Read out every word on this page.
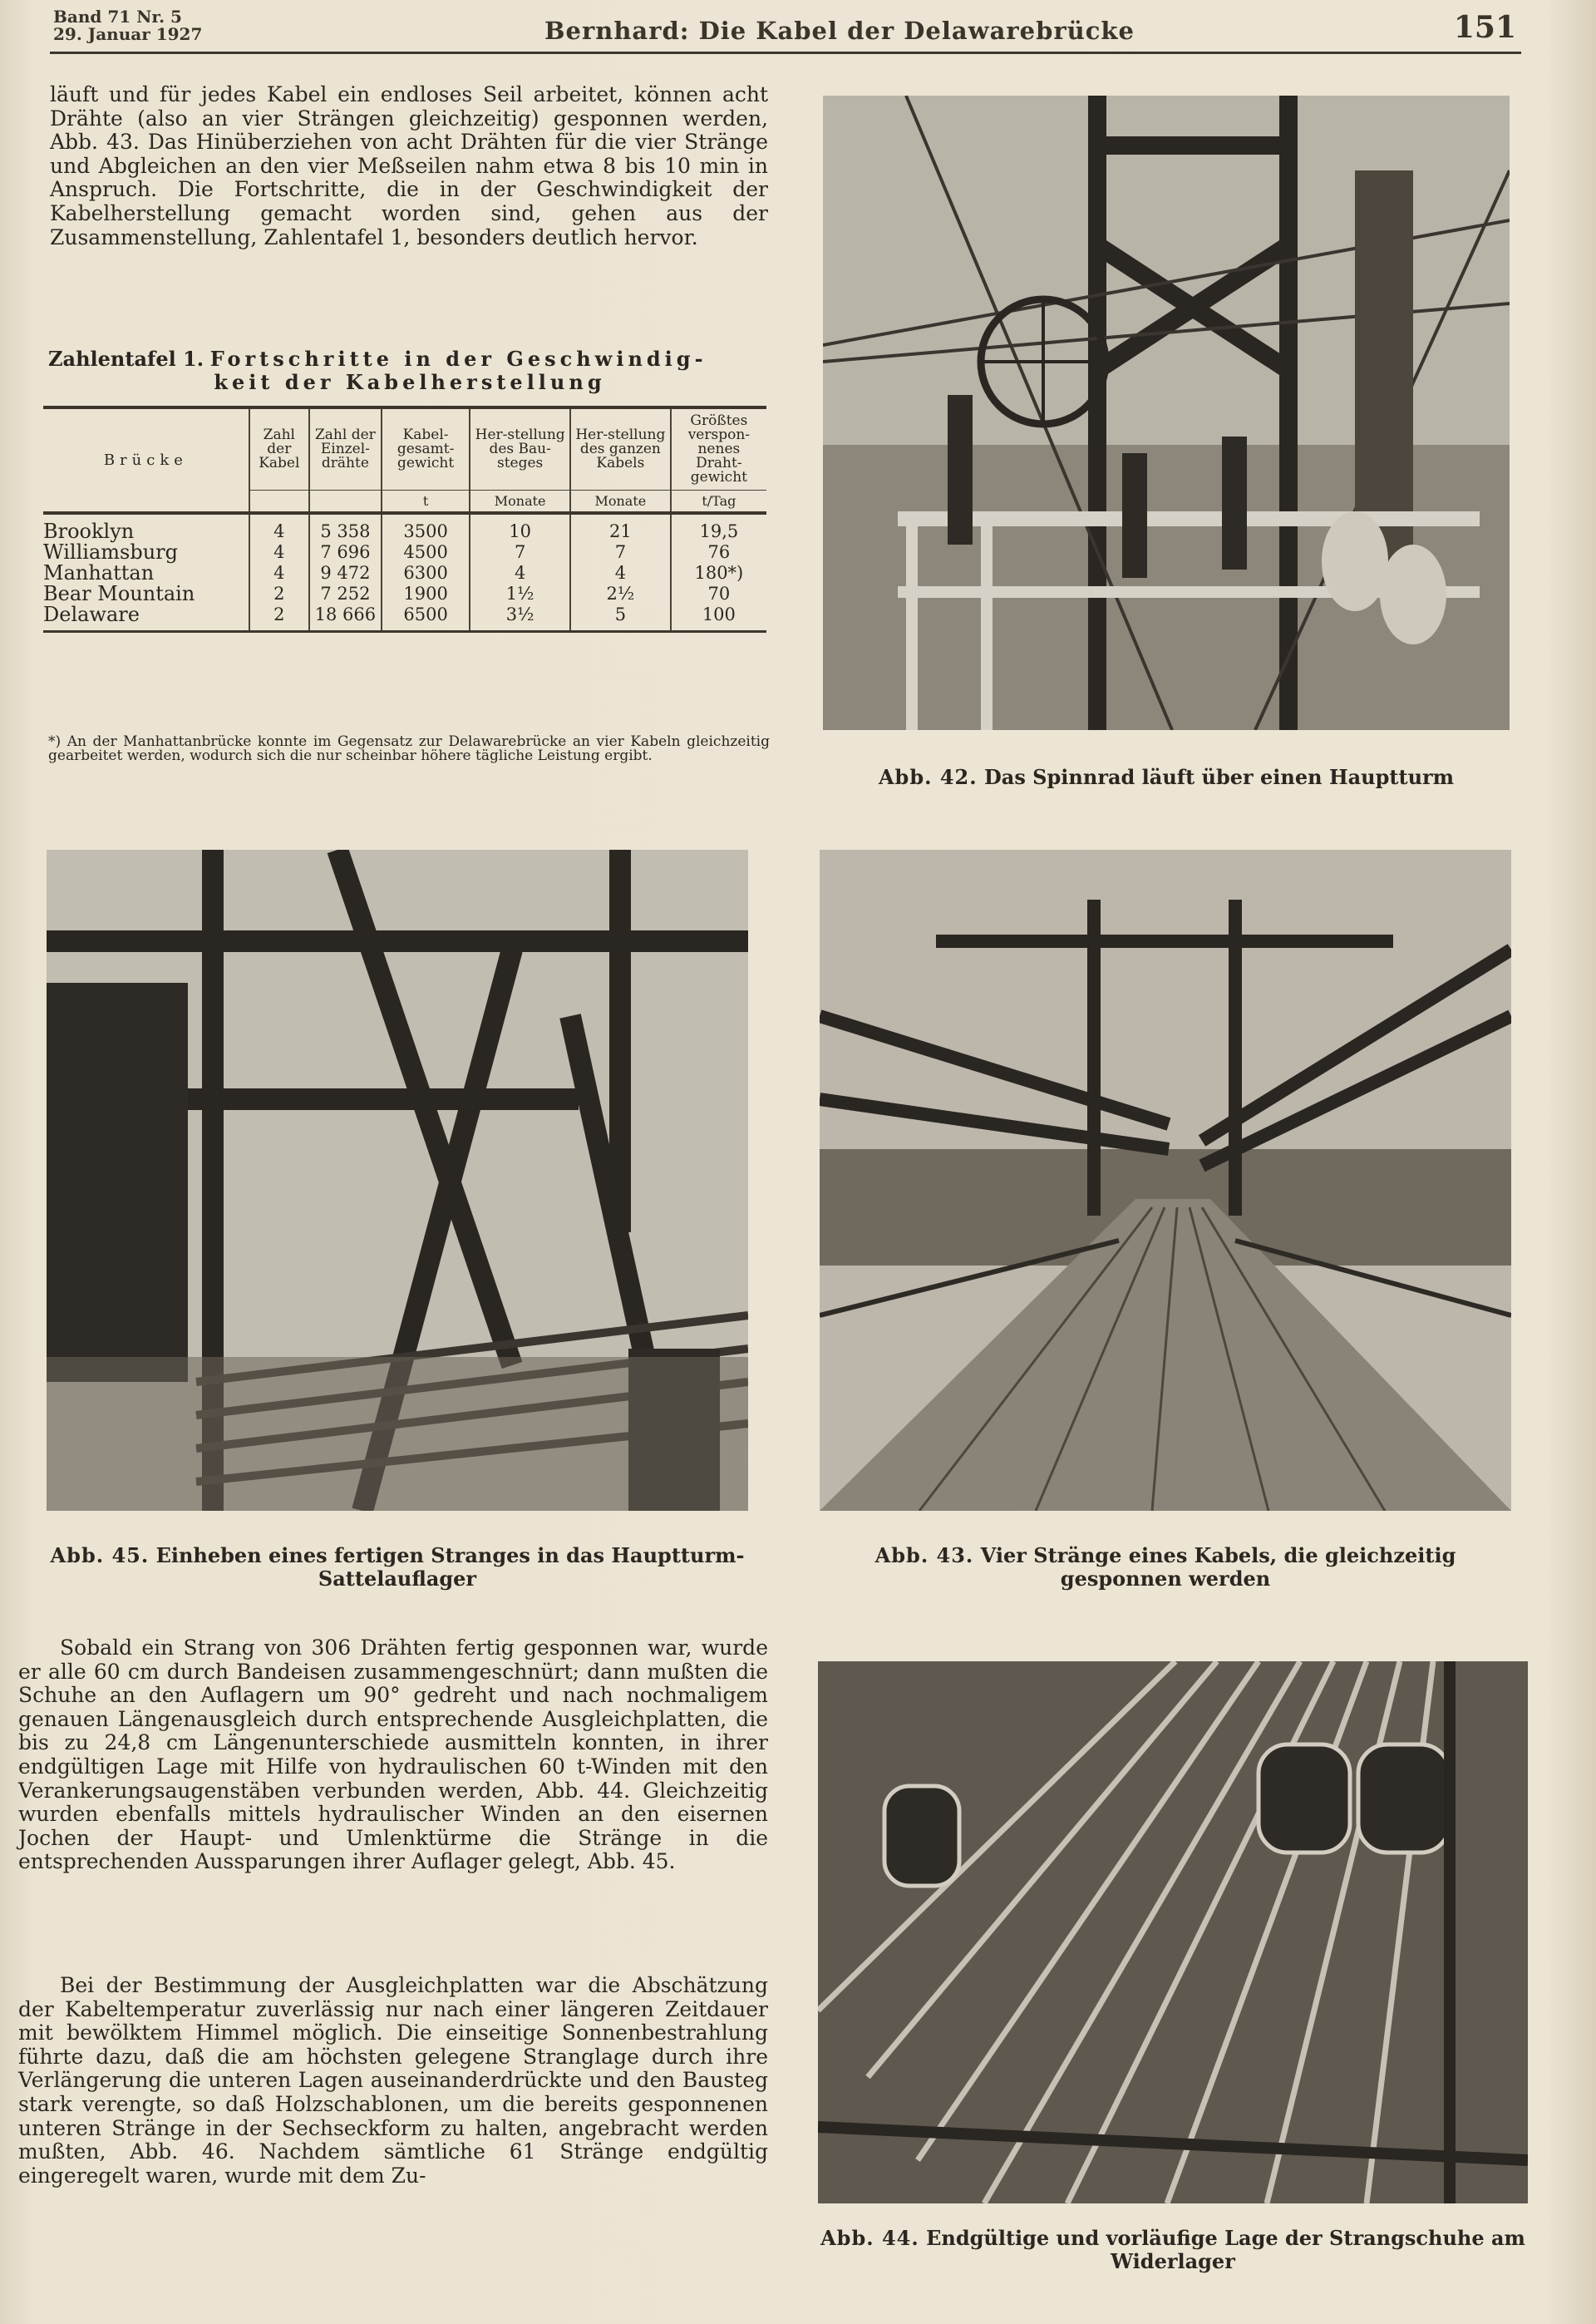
Band 71 Nr. 5
29. Januar 1927	Bernhard: Die Kabel der Delawarebrücke	151
läuft und für jedes Kabel ein endloses Seil arbeitet, können acht Drähte (also an vier Strängen gleichzeitig) gesponnen werden, Abb. 43. Das Hinüberziehen von acht Drähten für die vier Stränge und Abgleichen an den vier Meßseilen nahm etwa 8 bis 10 min in Anspruch. Die Fortschritte, die in der Geschwindigkeit der Kabelherstellung gemacht worden sind, gehen aus der Zusammenstellung, Zahlentafel 1, besonders deutlich hervor.
Zahlentafel 1. Fortschritte in der Geschwindig-
keit der Kabelherstellung
Brücke	Zahl der Kabel	Zahl der Einzel-drähte	Kabel-gesamt-gewicht	Her-stellung des Bau-steges	Her-stellung des ganzen Kabels	Größtes verspon-nenes Draht-gewicht
			t	Monate	Monate	t/Tag
Brooklyn	4	5 358	3500	10	21	19,5
Williamsburg	4	7 696	4500	7	7	76
Manhattan	4	9 472	6300	4	4	180*)
Bear Mountain	2	7 252	1900	1½	2½	70
Delaware	2	18 666	6500	3½	5	100
*) An der Manhattanbrücke konnte im Gegensatz zur Delawarebrücke an vier Kabeln gleichzeitig gearbeitet werden, wodurch sich die nur scheinbar höhere tägliche Leistung ergibt.
Abb. 42. Das Spinnrad läuft über einen Hauptturm
Abb. 45. Einheben eines fertigen Stranges in das Hauptturm-Sattelauflager
Abb. 43. Vier Stränge eines Kabels, die gleichzeitig gesponnen werden
Sobald ein Strang von 306 Drähten fertig gesponnen war, wurde er alle 60 cm durch Bandeisen zusammengeschnürt; dann mußten die Schuhe an den Auflagern um 90° gedreht und nach nochmaligem genauen Längenausgleich durch entsprechende Ausgleichplatten, die bis zu 24,8 cm Längenunterschiede ausmitteln konnten, in ihrer endgültigen Lage mit Hilfe von hydraulischen 60 t-Winden mit den Verankerungsaugenstäben verbunden werden, Abb. 44. Gleichzeitig wurden ebenfalls mittels hydraulischer Winden an den eisernen Jochen der Haupt- und Umlenktürme die Stränge in die entsprechenden Aussparungen ihrer Auflager gelegt, Abb. 45.
Bei der Bestimmung der Ausgleichplatten war die Abschätzung der Kabeltemperatur zuverlässig nur nach einer längeren Zeitdauer mit bewölktem Himmel möglich. Die einseitige Sonnenbestrahlung führte dazu, daß die am höchsten gelegene Stranglage durch ihre Verlängerung die unteren Lagen auseinanderdrückte und den Bausteg stark verengte, so daß Holzschablonen, um die bereits gesponnenen unteren Stränge in der Sechseckform zu halten, angebracht werden mußten, Abb. 46. Nachdem sämtliche 61 Stränge endgültig eingeregelt waren, wurde mit dem Zu-
Abb. 44. Endgültige und vorläufige Lage der Strangschuhe am Widerlager
